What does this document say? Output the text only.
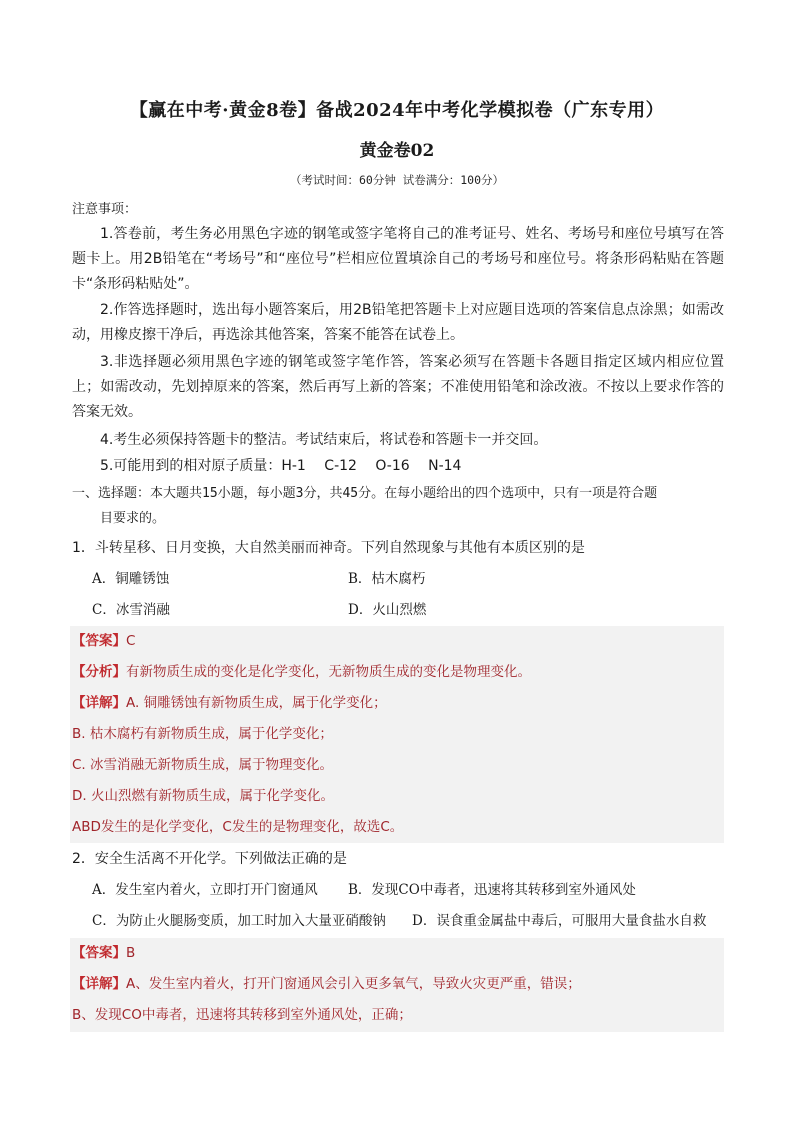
【赢在中考·黄金8卷】备战2024年中考化学模拟卷（广东专用）
黄金卷02
（考试时间：60分钟 试卷满分：100分）
注意事项：
1.答卷前，考生务必用黑色字迹的钢笔或签字笔将自己的准考证号、姓名、考场号和座位号填写在答题卡上。用2B铅笔在“考场号”和“座位号”栏相应位置填涂自己的考场号和座位号。将条形码粘贴在答题卡“条形码粘贴处”。
2.作答选择题时，选出每小题答案后，用2B铅笔把答题卡上对应题目选项的答案信息点涂黑；如需改动，用橡皮擦干净后，再选涂其他答案，答案不能答在试卷上。
3.非选择题必须用黑色字迹的钢笔或签字笔作答，答案必须写在答题卡各题目指定区域内相应位置上；如需改动，先划掉原来的答案，然后再写上新的答案；不准使用铅笔和涂改液。不按以上要求作答的答案无效。
4.考生必须保持答题卡的整洁。考试结束后，将试卷和答题卡一并交回。
5.可能用到的相对原子质量：H-1　 C-12　 O-16　 N-14
一、选择题：本大题共15小题，每小题3分，共45分。在每小题给出的四个选项中，只有一项是符合题
目要求的。
1．斗转星移、日月变换，大自然美丽而神奇。下列自然现象与其他有本质区别的是
A．铜雕锈蚀	B．枯木腐朽
C．冰雪消融	D．火山烈燃
【答案】C
【分析】有新物质生成的变化是化学变化，无新物质生成的变化是物理变化。
【详解】A. 铜雕锈蚀有新物质生成，属于化学变化；
B. 枯木腐朽有新物质生成，属于化学变化；
C. 冰雪消融无新物质生成，属于物理变化。
D. 火山烈燃有新物质生成，属于化学变化。
ABD发生的是化学变化，C发生的是物理变化，故选C。
2．安全生活离不开化学。下列做法正确的是
A．发生室内着火，立即打开门窗通风 B．发现CO中毒者，迅速将其转移到室外通风处
C．为防止火腿肠变质，加工时加入大量亚硝酸钠 D．误食重金属盐中毒后，可服用大量食盐水自救
【答案】B
【详解】A、发生室内着火，打开门窗通风会引入更多氧气，导致火灾更严重，错误；
B、发现CO中毒者，迅速将其转移到室外通风处，正确；
